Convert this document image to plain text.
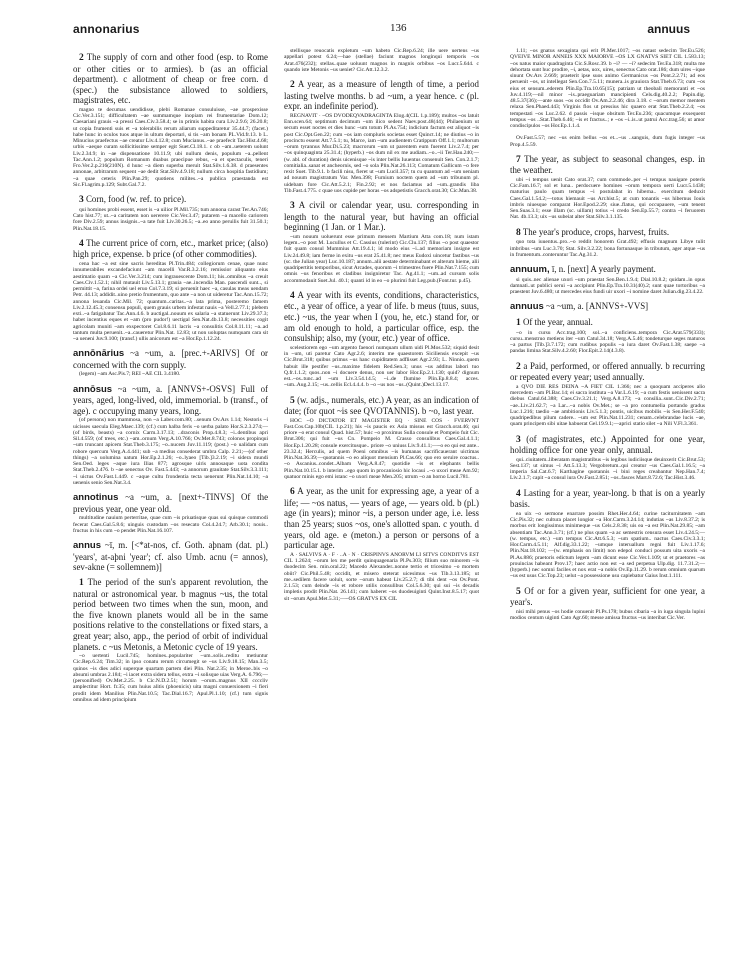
annonarius	136	annuus

2 The supply of corn and other food (esp. to Rome or other cities or to armies). b (as an official department). c allotment of cheap or free corn. d (spec.) the subsistance allowed to soldiers, magistrates, etc.

magno te decumas uendidisse, plebi Romanae consuluisse, ~ae prospexisse Cic.Ver.3.151; difficultatem ~ae summamque inopiam rei frumentariae Dom.12; Caesariani grauis ~a pressi Caes.Civ.3.58.4; se in primis habita cura Liv.2.9.6; 26.20.8; ut copia frumenti suis et ~a tolerabilis rerum aliarum suppeditaretur 35.44.7; (facet.) habe hunc in oculos tuos atque in ultum deportari, si tis ~am bonam PL.Vid.fr.13. b L. Minucius praefectus ~ae creatur Liv.4.12.8; cum Mucianus..~ae praefecit Tac.Hist.4.68; urbis ~aeque curam sollicitissime semper egit Suet.Cl.18.1. c ob ~am..ueterem uolunt Liv.2.34.9; in ~ae dispensatione 10.11.9; ubi nullum denis, populum ~a..pellent Tac.Ann.1.2; populum Romanum duabus praecipue rebus, ~a et spectaculis, teneri Fro.Ver.2.p.216(210N). d hunc ~a diem superba meruit Stat.Silv.1.6.38. d praesentes annonae, arbitrarum sequent ~ae dedit Stat.Silv.4.9.18; nullum circa hospitia fastidium; ~a quae ceteris Plin.Pan.29; quotiens milites..~a publica praestanda est Sic.Fl.agrim.p.129; Subt.Gal.7.2.

3 Corn, food (w. ref. to price).

qui homines probi essent, esset is ~a uilior Pl.Mil.735; tum annona carast Ter.An.746; Cato hist.77; ut..~a caritatem non uererere Cic.Ver.3.47; putarem ~a macello cariorem fore Div.2.59; annus insignis..~a tate fuit Liv.30.26.5; ~a..eo anno peruilis fuit 31.50.1; Plin.Nat.18.15.

4 The current price of corn, etc., market price; (also) high price, expense. b price (of other commodities).

cena hac ~a est sine sacris hereditas Pl.Trin.484; collegiorum cenae, quae nunc innumerabiles excandefaciunt ~am macelli Var.R.3.2.16; remissior aliquanto eius aestimatio quam ~a Cic.Ver.3.214; cum ingrauescente Dom.11; his..omnibus ~a creuit Caes.Civ.1.52.1; nihil mutauit Liv.5.13.1; grauia ~ae..incendia Man. pascendi sunt.., si permittit ~a, farina ordei uel eruo Col.7.3.19; si peruenit haec ~a, casulas meas uendam Petr. 44.13; addidit..uino pretio frumentum, quo ante ~a non ut uideretur Tac.Ann.15.72; annona leuanda Cic.Mil. 72; quantum..caritas..~a lata prima, posteremo famem Liv.2.12.45.3; consensu populi, quem grauis urbem infestat nauis ~a Vell.2.77.1; plebem exti..~a fatigabatur Tac.Ann.4.6. b auctigal..nouum ex salaria ~a statuerunt Liv.29.37.3; habet incentius eques et ~am (pro pudor!) uectigal Sen.Nat.4b.13.8; necessities cogit agricolam muniti ~am exspectoret Col.8.6.11 lacris ~a consulitis Col.8.11.11; ~a..ad tantum multa peruenit..~a..caueretur Plin.Nat. 12.83; ut non uoluptas numquam cara sit ~a ueneni Juv.9.100; (transf.) ullis anicorum est ~a Hor.Ep.1.12.24.

annōnārius ~a ~um, a. [prec.+-ARIVS] Of or concerned with the corn supply.

(legem) ~am Asc.Pis.7; REI ~AE CIL 3.4180.

annōsus ~a ~um, a. [ANNVS+-OSVS] Full of years, aged, long-lived, old, immemorial. b (transf., of age). c occupying many years, long.

(of persons) non mammosa, non ~a Laber.com.80; ..senum Ov.Ars 1.14; Nestoris ~i uicisses saecula Eleg.Maec.139; (cf.) cum halba feris ~o uerba palato Hor.S.2.3.274;—(of birds, beasts) ~a cornix Carm.3.17.13; ..draconis Prop.4.8.3; ~i..dentibus apri Sil.4.559; (of trees, etc.) ~am..ornum Verg.A.10.766; Ov.Met.8.743; colonos propinqui ~um truncant apicem Stat.Theb.3.175; ~o..nucem Juv.11.119; (post.) ~o ualidam cum robore quercum Verg.A.4.441; sub ~a medius consederat umbra Calp. 2.21;—(of other things) ~a uolumina uatum Hor.Ep.2.1.26; ~o..lyaeo [Tib.]3.2.19; ~i sidera mundi Sen.Oed. leges ~aque iura Ilias 877; agrosque uiris annosaque uota condita Stat.Theb.2.476. b ~ae senectus Ov. Fast.5.443; ~a annorum grauitate Stat.Silv.3.3.111; ~i uictus Ov.Fast.1.449. c ~aque cultu frondentia tecta uenerunt Plin.Nat.14.10; ~a uenenis senio Sen.Nat.3.4.

annotinus ~a ~um, a. [next+-TINVS] Of the previous year, one year old.

multitudine nauium perterritae, quae cum ~is priuatisque quas sui quisque commodi fecerat Caes.Gal.5.8.6; uinguis custodam ~os resecato Col.4.24.7; Arb.30.1; nouis.. fructus in his cum ~o pendet Plin.Nat.16.107.

annus ~ī, m. [<*at-nos, cf. Goth. aþnam (dat. pl.) 'years', at-aþni 'year'; cf. also Umb. acnu (= annos), sev-akne (= sollemnem)]

1 The period of the sun's apparent revolution, the natural or astronomical year. b magnus ~us, the total period between two times when the sun, moon, and the five known planets would all be in the same positions relative to the constellations or fixed stars, a great year; also, app., the period of orbit of individual planets. c ~us Metonis, a Metonic cycle of 19 years.

~o uertenti Lucil.745; homines..populariter ~um..solis..reditu metiuntur Cic.Rep.6.24; Tim.32; in ipso conatu rerum circumegit se ~us Liv.9.18.15; Man.3.5; quinos ~is dies adici superque quartam partem diei Plin. Nat.2.35; in Meroe..bis ~o absumi umbras 2.184; ~i iacet extra sidera tellus, extra ~i solisque uias Verg.A. 6.796;—(personified) Ov.Met.2.25. b Cic.N.D.2.51; horum ~orum..magnus XII ccccliv amplectitur Hort. fr.35; cum huius alitis (phoenicis) uita magni conuersionem ~i fieri prodit idem Manilius Plin.Nat.10.5; Tac.Dial.16.7; Apul.Pl.1.10; (cf.) tum signis omnibus ad idem principium

stellisque reuocatis expletum ~um habeto Cic.Rep.6.24; ille uere uertens ~us appellari potest 6.24;—hae (stellae) faciunt magnos longinqui temporis ~os Arat.476(232); stellas..quae uoluunt magnos in magnis orbibus ~os Lucr.5.644. c quando iste Metonis ~us ueniet? Cic.Att.12.3.2.

2 A year, as a measure of length of time, a period lasting twelve months. b ad ~um, a year hence. c (pl. expr. an indefinite period).

REGNAVIT · ~OS DVODEQVADRAGINTA Elog.4(CIL 1.p.189); multos ~os latuit Enn.scen.64; septimum decimum ~um ilico sedent Naev.post.48(44); Philaenium ut secum esset noctes et dies hunc ~um totum Pl.As.754; indicium factum est aliquot ~is post Cic.Opt.Gen.22; cum ~os iam compluris societas esset Quinct.14; ne diutius ~o in procinctu essent Att.7.5.1; tu, Marce, iam ~um audientem Cratippum Off.1.1; multorum ~orum tyrannus Mur.Di.5.23; macrorum ~um ut parentem eum fuerent Liv.2.7.4; per ~os quinquaginta 25.31.4; (hyperb.) ~os dum nil ex me audiam..~o..~ii Ter.Hau.240;—(w. abl. of duration) denis uicenisque ~is inter bellis Iuuentus consenuit Sen. Con.2.1.7; comitialia..sanat et ancheornis, sed ~o sola Plin.Nat.26.113; Comatum Gallicum ~o fere rexit Suet. Tib.9.1. b facili nisu, fieret ut ~um Lucil.357; tu cu quantum ad ~um ueniam ad nouum magistratum Var. Men.398; Furnium noctem quem ad ~um tribunum pl. uidebam fore Cic.Att.5.2.1; Fin.2.92; et nos faciamus ad ~um..grandis liba Tib.Fast.4.775. c quae uos cupide per horas ~os adspetistis Gracch.orat.30; Cic.Man.38.

3 A civil or calendar year, usu. corresponding in length to the natural year, but having an official beginning (1 Jan. or 1 Mar.).

~um nouum uoluerunt esse primum mensem Martium Atta com.18; num istam legem..~o post M. Lucullus et C. Cassius (tulerint) Cic.Clu.137; filius ~o post quaestor fuit quam consul Mummius Att.19.4.1; id modo eius ~i..ad memoriam insigne est Liv.24.49.8; iam ferme in exitu ~us erat 25.41.8; nec meus Eudoxi uincetur fastibus ~us (sc. the Julian year) Luc.10.187; annum..alii aestate determinabant et alterum hieme, alii quadripertitis temporibus, sicut Arcades, quorum ~i trimestres fuere Plin.Nat.7.155; cum omnis ~us fenoribus et cladibus insigniretur Tac. Ag.41.1; ~um..ad cursum solis accommodauit Suet.Jul. 40.1; quanti id in eo ~o plurimi fuit Leg.pub.(Font.tur. p.45).

4 A year with its events, conditions, characteristics, etc., a year of office, a year of life. b meus (tuus, suus, etc.) ~us, the year when I (you, he, etc.) stand for, or am old enough to hold, a particular office, esp. the consulship; also, my (your, etc.) year of office.

scelestiorem ego ~um argento faenori numquam ullum uidi Pl.Mos.532; siquid desit in ~um, uti paretur Cato Agr.2.6; interim me quaestorem Siciliensis excepit ~us Cic.Brut.318; quibus primus ~us hanc cupiditatem adflisset Agr.2.93; L. Ninnio..quem habuit ille pestifer ~us..maxime fidelem Red.Sen.3; unus ~us additus labori tuo Q.fr.1.1.2; quos..non ~i docuere denus, non uer labor Hor.Ep.2.1.130; quid? dignum est..~os..tunc..ad ~um Liv.3.54.14.5; ~i..de flumine Plin.Ep.8.8.4; acces. ~um..Aug.2.15; ~us..cellis Ecl.4.4.4. b ~o ~us nos ~us..(Quint.)Decl.13.17.

5 (w. adjs., numerals, etc.) A year, as an indication of date; (for quot ~is see QVOTANNIS). b ~o, last year.

HOC ~O DICTATOR ET MAGISTER EQ · SINE COS · FVERVNT Fast.Cos.Cap.10b(CIL 1.p.21); his ~is paucis ex Asia missus est Gracch.orat.46; qui priore ~o erat consul Quad. hist.57; huic ~o proximus Sulla consule et Pompeio fuit Cic. Brut.306; qui fuit ~us Cn. Pompeio M. Crasso consulibus Caes.Gal.4.1.1; Hor.Ep.1.20.28; consule exercitusque.. priore ~o uniuss Liv.9.41.1;—~o eo qui est ante.. 23.32.4; Herculis, ad quem Poeni omnibus ~is humanas sacrificauerant uictimas Plin.Nat.36.39;—quotannis ~o eo aliquot mensium Pl.Cas.66; quo ero seruire coactus.. ~o Ascanius..condet..Albam Verg.A.8.47; quotidie ~is et elephants bellis Plin.Nat.10.15.1. b interim ..ego quom in procaniosio hic locaui ..~o uxori meae Am.92; quatuor minis ego emi istanc ~o uxori meae Men.205; utrum ~o an horno Lucil.781.

6 A year, as the unit for expressing age, a year of a life; — ~os natus, — years of age, — years old. b (pl.) age (in years); minor ~is, a person under age, i.e. less than 25 years; suos ~os, one's allotted span. c youth. d years, old age. e (meton.) a person or persons of a particular age.

A · SALVIVS A · F · ..A · N · CRISPINVS ANORVM LI SITVS CONDITVS EST CIL 1.2624; ~orum lex me perdit quinquagenaria Pl.Ps.303; filium suo minorem ~is duodecim Sen. min.oral.22; Macedo Alexander..nonne tertio et tricesimo ~o mortem obiit? Cic.Phil.5.48; occidit, et misero steterat uicesimus ~us Tib.3.13.185; ut me..sedilem facere uoluit, sorte ~orum habeat Liv.25.2.7; di tibi dent ~os Ov.Pont. 2.1.53; cum deinde ~is et robore utilis consulibus Col.5.6.30; qui sui ~is decadis impletis prodit Plin.Nat. 26.141; cum haberet ~os duodeuiginti Quint.Inst.8.5.17; quot sit ~orum Apul.Met.5.31;—~OS GRATVS EX CIL

1.11; ~os gnatus sexaginta qui erit Pl.Mer.1017; ~os natast sedecim Ter.Eu.526; QVEIVE MINOR ANNEIS XXX MAIORVE ~OS LX GNATVS SIET CIL 1.583.13; ~os natus maior quadraginta Cic.S.Rosc.39. b ~i? — ~i? sedecim Ter.Eu.318; multa me dehortata sunt huc prodire, ~i, aetas, uox, uires, senectus Cato orat.186; dum uires ~ique sinunt Ov.Ars 2.669; praeterit ipse suos animo Germanicus ~os Pont.2.2.71; ad eos peruenit ~os, ut intellegat Sen.Con.7.5.11; munera..is grauiora Stat.Theb.6.73; cum ~os eius et sensum..ederem Plin.Ep.Tra.10.65(15); patriam ut theobali memoranti et ~os Juv.4.119;—nil minor ~is..praeguariam mancipienti Cels.dig.40.2.2; Papin.dig. 48.5.37(36);—ante suos ~os occidit Ov.Am.2.2.46; dira 3.18. c ~orum memor mentem relaxa Sen.Phaed.443; Virginis flos ut pressius hic quaero erat Stat.Theb.2.2.4; ~os tempestati ~os Luc.2.62. d passis ~isque obsitum Ter.Eu.236; quacumque exsequent tempus ~os ..Stat.Theb.6.46; ~is et fractus..; e ~os ~i..is..ut patrui Acc.trag.56; ut amor condiscipulos ~os Hor.Ep.1.1.4.

Ov.Fast.5.57; nec ~us enim bellus ~os et...~us ..sanguis, dum fugis integer ~us Prop.4.5.59.

7 The year, as subject to seasonal changes, esp. in the weather.

ubi ~i tempus uenit Cato orat.37; cum commode..per ~i tempus nauigare poteris Cic.Fam.16.7; sol et luna.. perdocuere homines ~orum tempora uerti Lucr.5.1438; maturius paulo quam tempus ~i postulabat in hiberna.. exercitum deduxit Caes.Gal.1.54.2;—totus hiemauit ~us Arr.hist.5; at cum tonantis ~us hibernus Iouis imbris niuesque comparat Hor.Epod.2.29; siue..flatus, qui occupauere, ~um tenent Sen.Suas.3.1; esse illam (sc. uillam) totius ~i credo Sen.Ep.55.7; contra ~i feruorem Nat. 4b.13.3; uix ~us subeiat alter Stat.Silv.3.1.135.

8 The year's produce, crops, harvest, fruits.

quo tota iuuentus..pro..~o reddit honorem Grat.492; effusis magnum Libye tulit imbribus ~um Luc.3.70; Stat. Silv.3.2.22; bona fortunasque in tributum, ager atque ~us in frumentum..conteruntur Tac.Ag.31.2.

annuum, ī, n. [next] A yearly payment.

si quis..nec alienae uxori ~um praestat Sen.Ben.1.9.4; Dial.10.8.2; quidam..in opus damnati..ut publici serui ~a accipiunt Plin.Ep.Tra.10.31(40).2; sunt quae tortoribus ~a praestent Juv.6.480; ut mercedes eius fundi uir uxori ~i nomine daret Julian.dig.23.4.22.

annuus ~a ~um, a. [ANNVS+-VVS]

1 Of the year, annual.

~o in cursu Acc.trag.100; sol..~a conficiens..tempora Cic.Arat.579(333); cursu..menstruo metiens iter ~um Catul.34.18; Verg.A.5.46; tondeturque seges maturos ~a partus [Tib.]3.7.172; cum rudibus populis ~a iura daret Ov.Fast.1.38; saepe ~a pandas limina Stat.Silv.4.2.60; Flor.Epit.2.14(4.3.8).

2 a Paid, performed, or offered annually. b recurring or repeated every year; used annually.

a QVO DIE RES DEINA ~A FIET CIL 1.366; nec a quoquam acciperes alio mercedem ~am Pl.Bac.14; ei sacra instituta ~a Var.L.6.19; ~a cum festis uenissent sacra diebus Catul.64.388; Caes.Civ.3.21.1; Verg.A.8.173; ~a consilia..sunt..Cic.Div.2.71; ~ae..Liv.21.62.7; ~a Lar...~a nobis Ov.Met.; se ~a pro contumelia portando gradus Luc.1.216; taedio ~ae ambitionis Liv.5.1.3; pontis, uicibus mobilis ~is Sen.Her.F.540; quadripedibus pilum cadere.. ~um est Plin.Nat.11.231; cenam..celebrandae lucis ~ae, quam principem sibi uitae habuerat Gel.19.9.1;—aprici statio silet ~a Nili V.Fl.3.361.

3 (of magistrates, etc.) Appointed for one year, holding office for one year only, annual.

qui..ciuitatem..liberatam magistratibus ~is legibus iudiciisque deuinxerit Cic.Brut.53; Sest.137; ut simus ~i Att.5.13.3; Vergobretum..qui creatur ~us Caes.Gal.1.16.5; ~a imperia Sal.Cat.6.7; Karthagine quotannis ~i bini reges creabantur Nep.Han.7.4; Liv.2.1.7; capit ~a consul iura Ov.Fast.2.851; ~os..fasces Mart.8.72.6; Tac.Hist.3.46.

4 Lasting for a year, year-long. b that is on a yearly basis.

ea uix ~o sermone enarrare possim Rhet.Her.4.64; curine taciturnitatem ~am Cic.Pis.32; nec cultura placet longior ~a Hor.Carm.3.24.14; indutias ~as Liv.8.37.2; is morbus erit longissimus minimeque ~us Cels.2.8.38; uis ea ~a est Plin.Nat.29.85; ~am absentiam Tac.Ann.3.71; (cf.) ne plus quam ~a ac semestris censura esset Liv.4.24.5;—(w. tempus, etc.) ~um tempus Cic.Att.6.5.3; ~um spatium.. nactus Caes.Civ.3.3.1; Hor.Carm.4.5.11; Alf.dig.33.1.22; ~umque interuallum regni fuit Liv.1.17.6; Plin.Nat.18.102; —(w. emphasis on limit) non edepol conduci possum uita uxoris ~a Pl.As.886; praetoris edictum legem ~am dicunt esse Cic.Ver.1.109; ut et praetores ~as prouincias habeant Prov.17; haec actio non est ~a sed perpetua Ulp.dig. 11.7.31.2;—(hyperb.) nec somni faciles et nox erat ~a nobis Ov.Ep.11.29. b rerum omnium quarum ~us est usus Cic.Top.23; uelut ~a possessione usu capiebatur Gaius Inst.1.111.

5 Of or for a given year, sufficient for one year, a year's.

nisi mihi penus ~os hodie conuenit Pl.Ps.178; bubus cibaria ~a in iuga singula lupini modios centum uiginti Cato Agr.60; messe amissa fructus ~us interibat Cic.Ver.
